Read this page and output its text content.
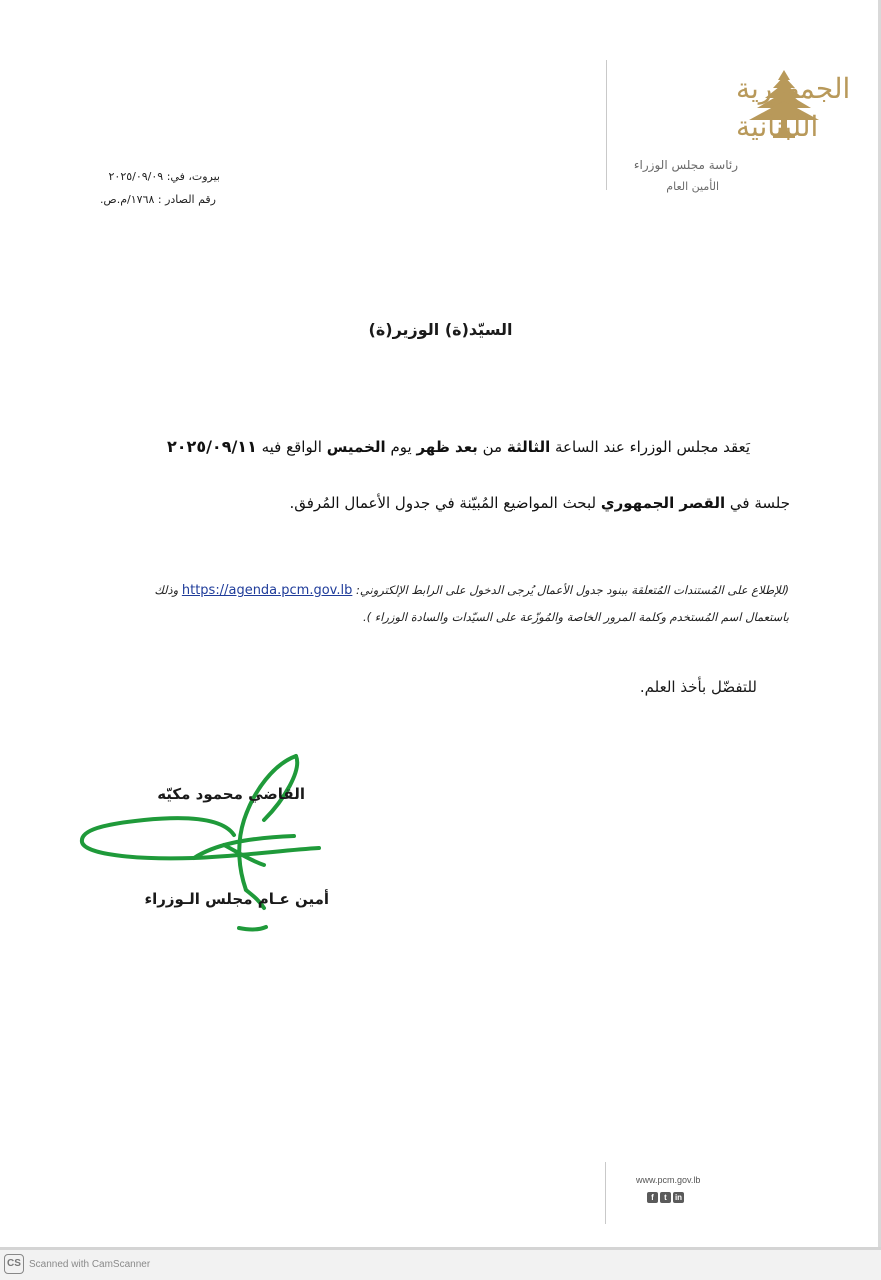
الجمهورية
اللبنانية
رئاسة مجلس الوزراء
الأمين العام
بيروت، في: ٢٠٢٥/٠٩/٠٩
رقم الصادر : ١٧٦٨/م.ص.
السيّد(ة) الوزير(ة)
يَعقد مجلس الوزراء عند الساعة الثالثة من بعد ظهر يوم الخميس الواقع فيه ٢٠٢٥/٠٩/١١
جلسة في القصر الجمهوري لبحث المواضيع المُبيّنة في جدول الأعمال المُرفق.
(للإطلاع على المُستندات المُتعلقة ببنود جدول الأعمال يُرجى الدخول على الرابط الإلكتروني: https://agenda.pcm.gov.lb وذلك
باستعمال اسم المُستخدم وكلمة المرور الخاصة والمُوزّعة على السيّدات والسادة الوزراء ).
للتفضّل بأخذ العلم.
القاضي محمود مكيّه
أمين عـام مجلس الـوزراء
www.pcm.gov.lb
f	t	in
CS Scanned with CamScanner
